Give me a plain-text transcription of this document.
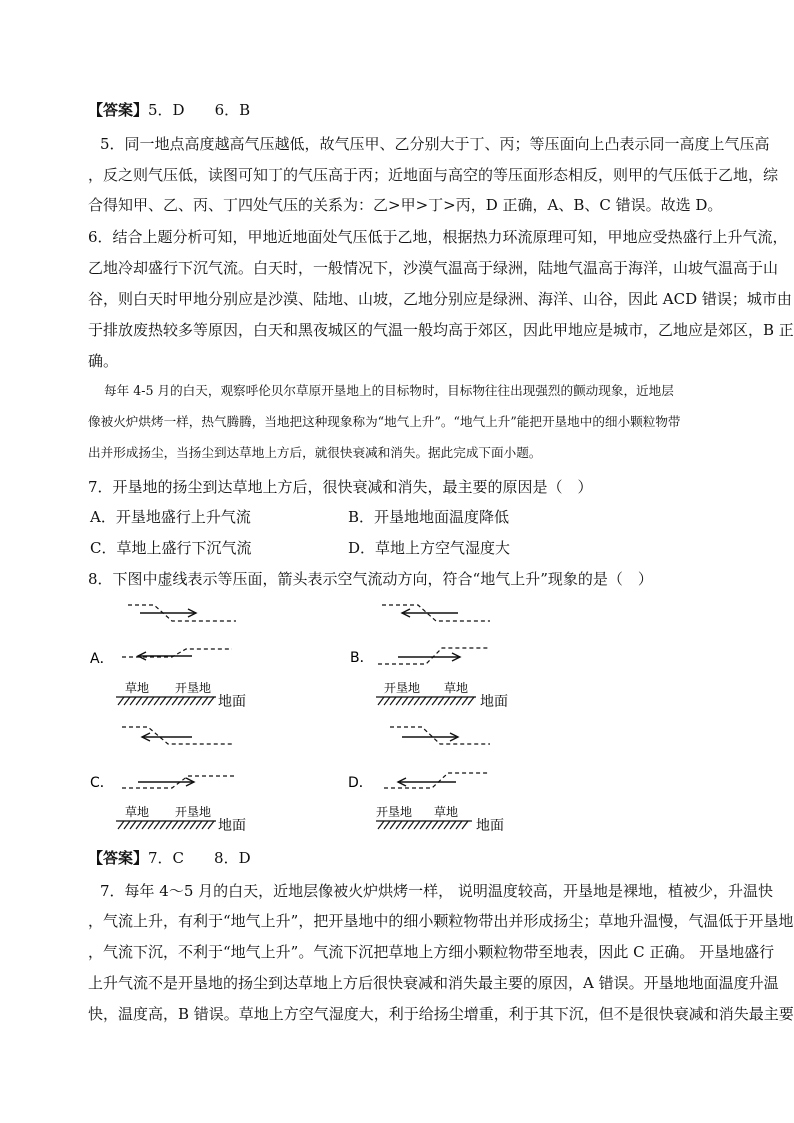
【答案】5．D　　6．B
5．同一地点高度越高气压越低，故气压甲、乙分别大于丁、丙；等压面向上凸表示同一高度上气压高
，反之则气压低，读图可知丁的气压高于丙；近地面与高空的等压面形态相反，则甲的气压低于乙地，综
合得知甲、乙、丙、丁四处气压的关系为：乙>甲>丁>丙，D 正确，A、B、C 错误。故选 D。
6．结合上题分析可知，甲地近地面处气压低于乙地，根据热力环流原理可知，甲地应受热盛行上升气流，
乙地冷却盛行下沉气流。白天时，一般情况下，沙漠气温高于绿洲，陆地气温高于海洋，山坡气温高于山
谷，则白天时甲地分别应是沙漠、陆地、山坡，乙地分别应是绿洲、海洋、山谷，因此 ACD 错误；城市由
于排放废热较多等原因，白天和黑夜城区的气温一般均高于郊区，因此甲地应是城市，乙地应是郊区，B 正
确。
每年 4-5 月的白天，观察呼伦贝尔草原开垦地上的目标物时，目标物往往出现强烈的颤动现象，近地层
像被火炉烘烤一样，热气腾腾，当地把这种现象称为“地气上升”。“地气上升”能把开垦地中的细小颗粒物带
出并形成扬尘，当扬尘到达草地上方后，就很快衰减和消失。据此完成下面小题。
7．开垦地的扬尘到达草地上方后，很快衰减和消失，最主要的原因是（　）
A．开垦地盛行上升气流	B．开垦地地面温度降低
C．草地上盛行下沉气流	D．草地上方空气湿度大
8．下图中虚线表示等压面，箭头表示空气流动方向，符合“地气上升”现象的是（　）
A．
草地 开垦地
地面
B．
开垦地 草地
地面
C．
草地 开垦地
地面
D．
开垦地 草地
地面
【答案】7．C　　8．D
7．每年 4～5 月的白天，近地层像被火炉烘烤一样， 说明温度较高，开垦地是裸地，植被少，升温快
，气流上升，有利于“地气上升”，把开垦地中的细小颗粒物带出并形成扬尘；草地升温慢，气温低于开垦地
，气流下沉，不利于“地气上升”。气流下沉把草地上方细小颗粒物带至地表，因此 C 正确。 开垦地盛行
上升气流不是开垦地的扬尘到达草地上方后很快衰减和消失最主要的原因，A 错误。开垦地地面温度升温
快，温度高，B 错误。草地上方空气湿度大，利于给扬尘增重，利于其下沉，但不是很快衰减和消失最主要
